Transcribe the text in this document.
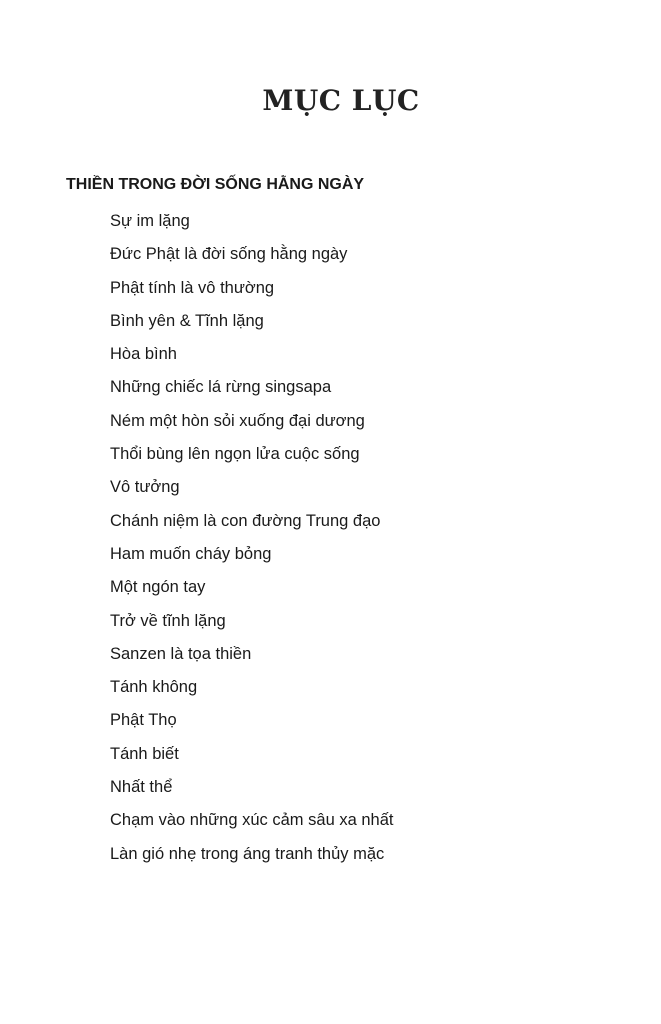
MỤC LỤC
THIỀN TRONG ĐỜI SỐNG HẰNG NGÀY
Sự im lặng
Đức Phật là đời sống hằng ngày
Phật tính là vô thường
Bình yên & Tĩnh lặng
Hòa bình
Những chiếc lá rừng singsapa
Ném một hòn sỏi xuống đại dương
Thổi bùng lên ngọn lửa cuộc sống
Vô tưởng
Chánh niệm là con đường Trung đạo
Ham muốn cháy bỏng
Một ngón tay
Trở về tĩnh lặng
Sanzen là tọa thiền
Tánh không
Phật Thọ
Tánh biết
Nhất thể
Chạm vào những xúc cảm sâu xa nhất
Làn gió nhẹ trong áng tranh thủy mặc
